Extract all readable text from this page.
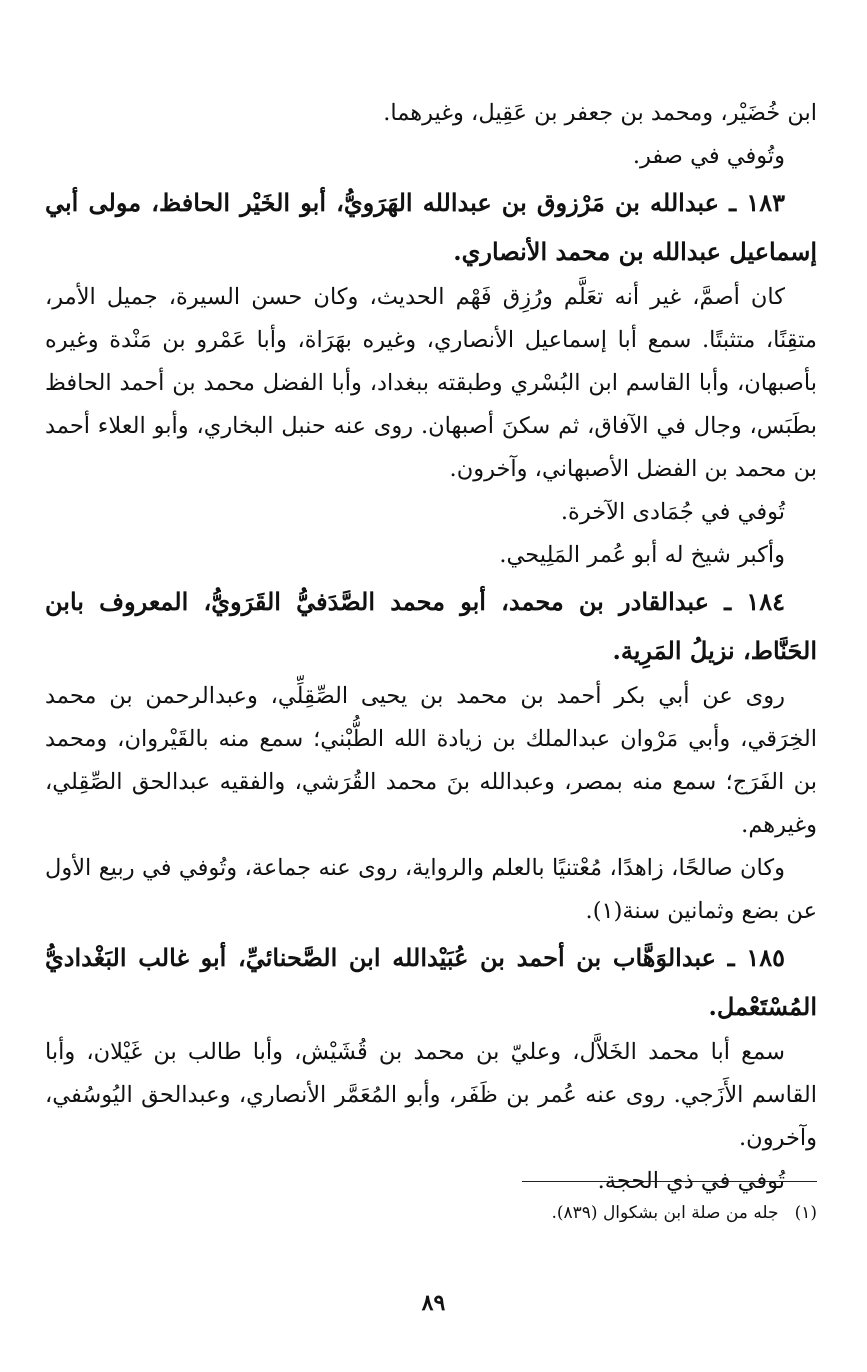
ابن خُضَيْر، ومحمد بن جعفر بن عَقِيل، وغيرهما.

وتُوفي في صفر.

١٨٣ ـ عبدالله بن مَرْزوق بن عبدالله الهَرَويُّ، أبو الخَيْر الحافظ، مولى أبي إسماعيل عبدالله بن محمد الأنصاري.

كان أصمَّ، غير أنه تعَلَّم ورُزِق فَهْم الحديث، وكان حسن السيرة، جميل الأمر، متقِنًا، متثبتًا. سمع أبا إسماعيل الأنصاري، وغيره بهَرَاة، وأبا عَمْرو بن مَنْدة وغيره بأصبهان، وأبا القاسم ابن البُسْري وطبقته ببغداد، وأبا الفضل محمد بن أحمد الحافظ بطَبَس، وجال في الآفاق، ثم سكنَ أصبهان. روى عنه حنبل البخاري، وأبو العلاء أحمد بن محمد بن الفضل الأصبهاني، وآخرون.

تُوفي في جُمَادى الآخرة.

وأكبر شيخ له أبو عُمر المَلِيحي.

١٨٤ ـ عبدالقادر بن محمد، أبو محمد الصَّدَفيُّ القَرَويُّ، المعروف بابن الحَنَّاط، نزيلُ المَرِية.

روى عن أبي بكر أحمد بن محمد بن يحيى الصِّقِلِّي، وعبدالرحمن بن محمد الخِرَقي، وأبي مَرْوان عبدالملك بن زيادة الله الطُّبْني؛ سمع منه بالقَيْروان، ومحمد بن الفَرَج؛ سمع منه بمصر، وعبدالله بنَ محمد القُرَشي، والفقيه عبدالحق الصِّقِلي، وغيرهم.

وكان صالحًا، زاهدًا، مُعْتنيًا بالعلم والرواية، روى عنه جماعة، وتُوفي في ربيع الأول عن بضع وثمانين سنة(١).

١٨٥ ـ عبدالوَهَّاب بن أحمد بن عُبَيْدالله ابن الصَّحنائيِّ، أبو غالب البَغْداديُّ المُسْتَعْمل.

سمع أبا محمد الخَلاَّل، وعليّ بن محمد بن قُشَيْش، وأبا طالب بن غَيْلان، وأبا القاسم الأَزَجي. روى عنه عُمر بن ظَفَر، وأبو المُعَمَّر الأنصاري، وعبدالحق اليُوسُفي، وآخرون.

تُوفي في ذي الحجة.

(١)جله من صلة ابن بشكوال (٨٣٩).
٨٩
